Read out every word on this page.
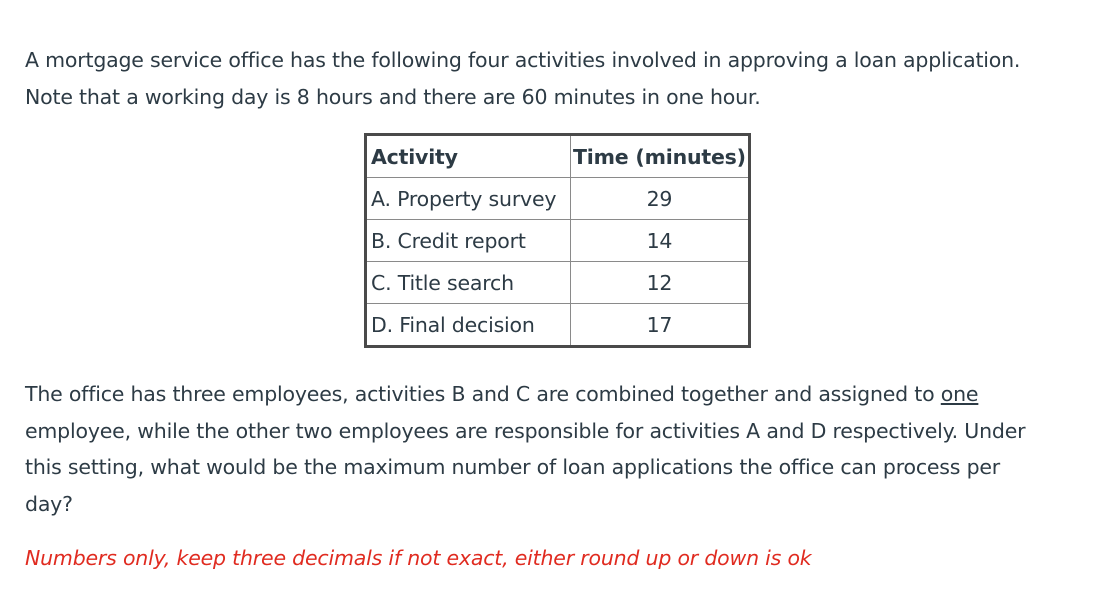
A mortgage service office has the following four activities involved in approving a loan application.
Note that a working day is 8 hours and there are 60 minutes in one hour.

Activity	Time (minutes)
A. Property survey	29
B. Credit report	14
C. Title search	12
D. Final decision	17

The office has three employees, activities B and C are combined together and assigned to one
employee, while the other two employees are responsible for activities A and D respectively. Under
this setting, what would be the maximum number of loan applications the office can process per
day?

Numbers only, keep three decimals if not exact, either round up or down is ok
